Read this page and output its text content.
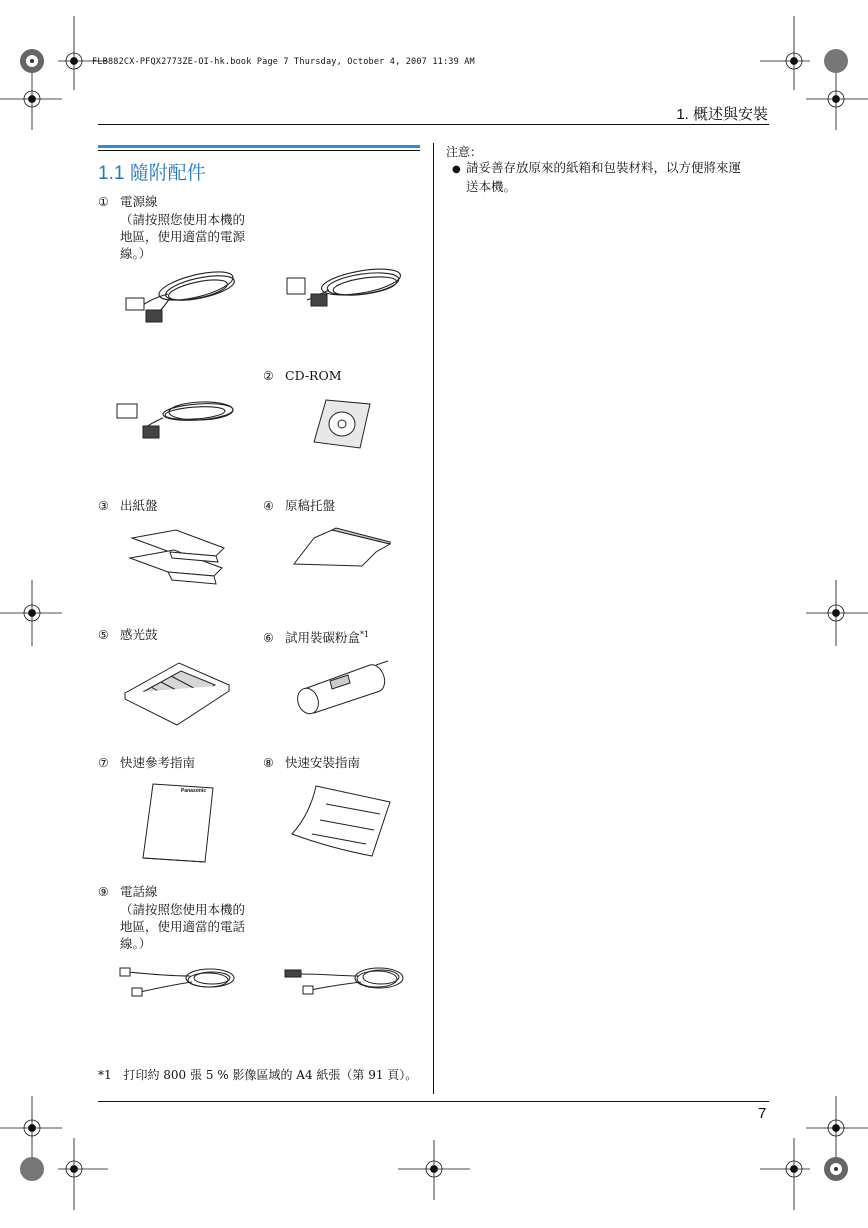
FLB882CX-PFQX2773ZE-OI-hk.book Page 7 Thursday, October 4, 2007 11:39 AM
1. 概述與安裝
1.1 隨附配件
① 電源線
（請按照您使用本機的
地區，使用適當的電源
線。）
② CD-ROM
③ 出紙盤	④ 原稿托盤
⑤ 感光鼓	⑥ 試用裝碳粉盒$^{*1}$
⑦ 快速參考指南	⑧ 快速安裝指南
Panasonic
⑨ 電話線
（請按照您使用本機的
地區，使用適當的電話
線。）
*1 打印約 800 張 5 % 影像區域的 A4 紙張（第 91 頁）。
注意：
● 請妥善存放原來的紙箱和包裝材料，以方便將來運
送本機。
7
